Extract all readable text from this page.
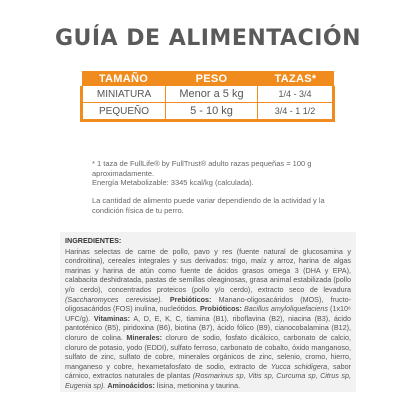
GUÍA DE ALIMENTACIÓN
TAMAÑO	PESO	TAZAS*
MINIATURA	Menor a 5 kg	1/4 - 3/4
PEQUEÑO	5 - 10 kg	3/4 - 1 1/2
* 1 taza de FullLife® by FullTrust® adulto razas pequeñas = 100 g aproximadamente.
Energía Metabolizable: 3345 kcal/kg (calculada).
La cantidad de alimento puede variar dependiendo de la actividad y la condición física de tu perro.
INGREDIENTES:
Harinas selectas de carne de pollo, pavo y res (fuente natural de glucosamina y condroitina), cereales integrales y sus derivados: trigo, maíz y arroz, harina de algas marinas y harina de atún como fuente de ácidos grasos omega 3 (DHA y EPA), calabacita deshidratada, pastas de semillas oleaginosas, grasa animal estabilizada (pollo y/o cerdo), concentrados proteicos (pollo y/o cerdo), extracto seco de levadura (Saccharomyces cerevisiae). Prebióticos: Manano-oligosacáridos (MOS), fructo-oligosacáridos (FOS) inulina, nucleótidos. Probióticos: Bacillus amyloliquefaciens (1x10⁶ UFC/g). Vitaminas: A, D, E, K, C, tiamina (B1), riboflavina (B2), niacina (B3), ácido pantoténico (B5), piridoxina (B6), biotina (B7), ácido fólico (B9), cianocobalamina (B12), cloruro de colina. Minerales: cloruro de sodio, fosfato dicálcico, carbonato de calcio, cloruro de potasio, yodo (EDDI), sulfato ferroso, carbonato de cobalto, óxido manganoso, sulfato de zinc, sulfato de cobre, minerales orgánicos de zinc, selenio, cromo, hierro, manganeso y cobre, hexametafosfato de sodio, extracto de Yucca schidigera, sabor cárnico, extractos naturales de plantas (Rosmarinus sp, Vitis sp, Curcuma sp, Citrus sp, Eugenia sp). Aminoácidos: lisina, metionina y taurina.
